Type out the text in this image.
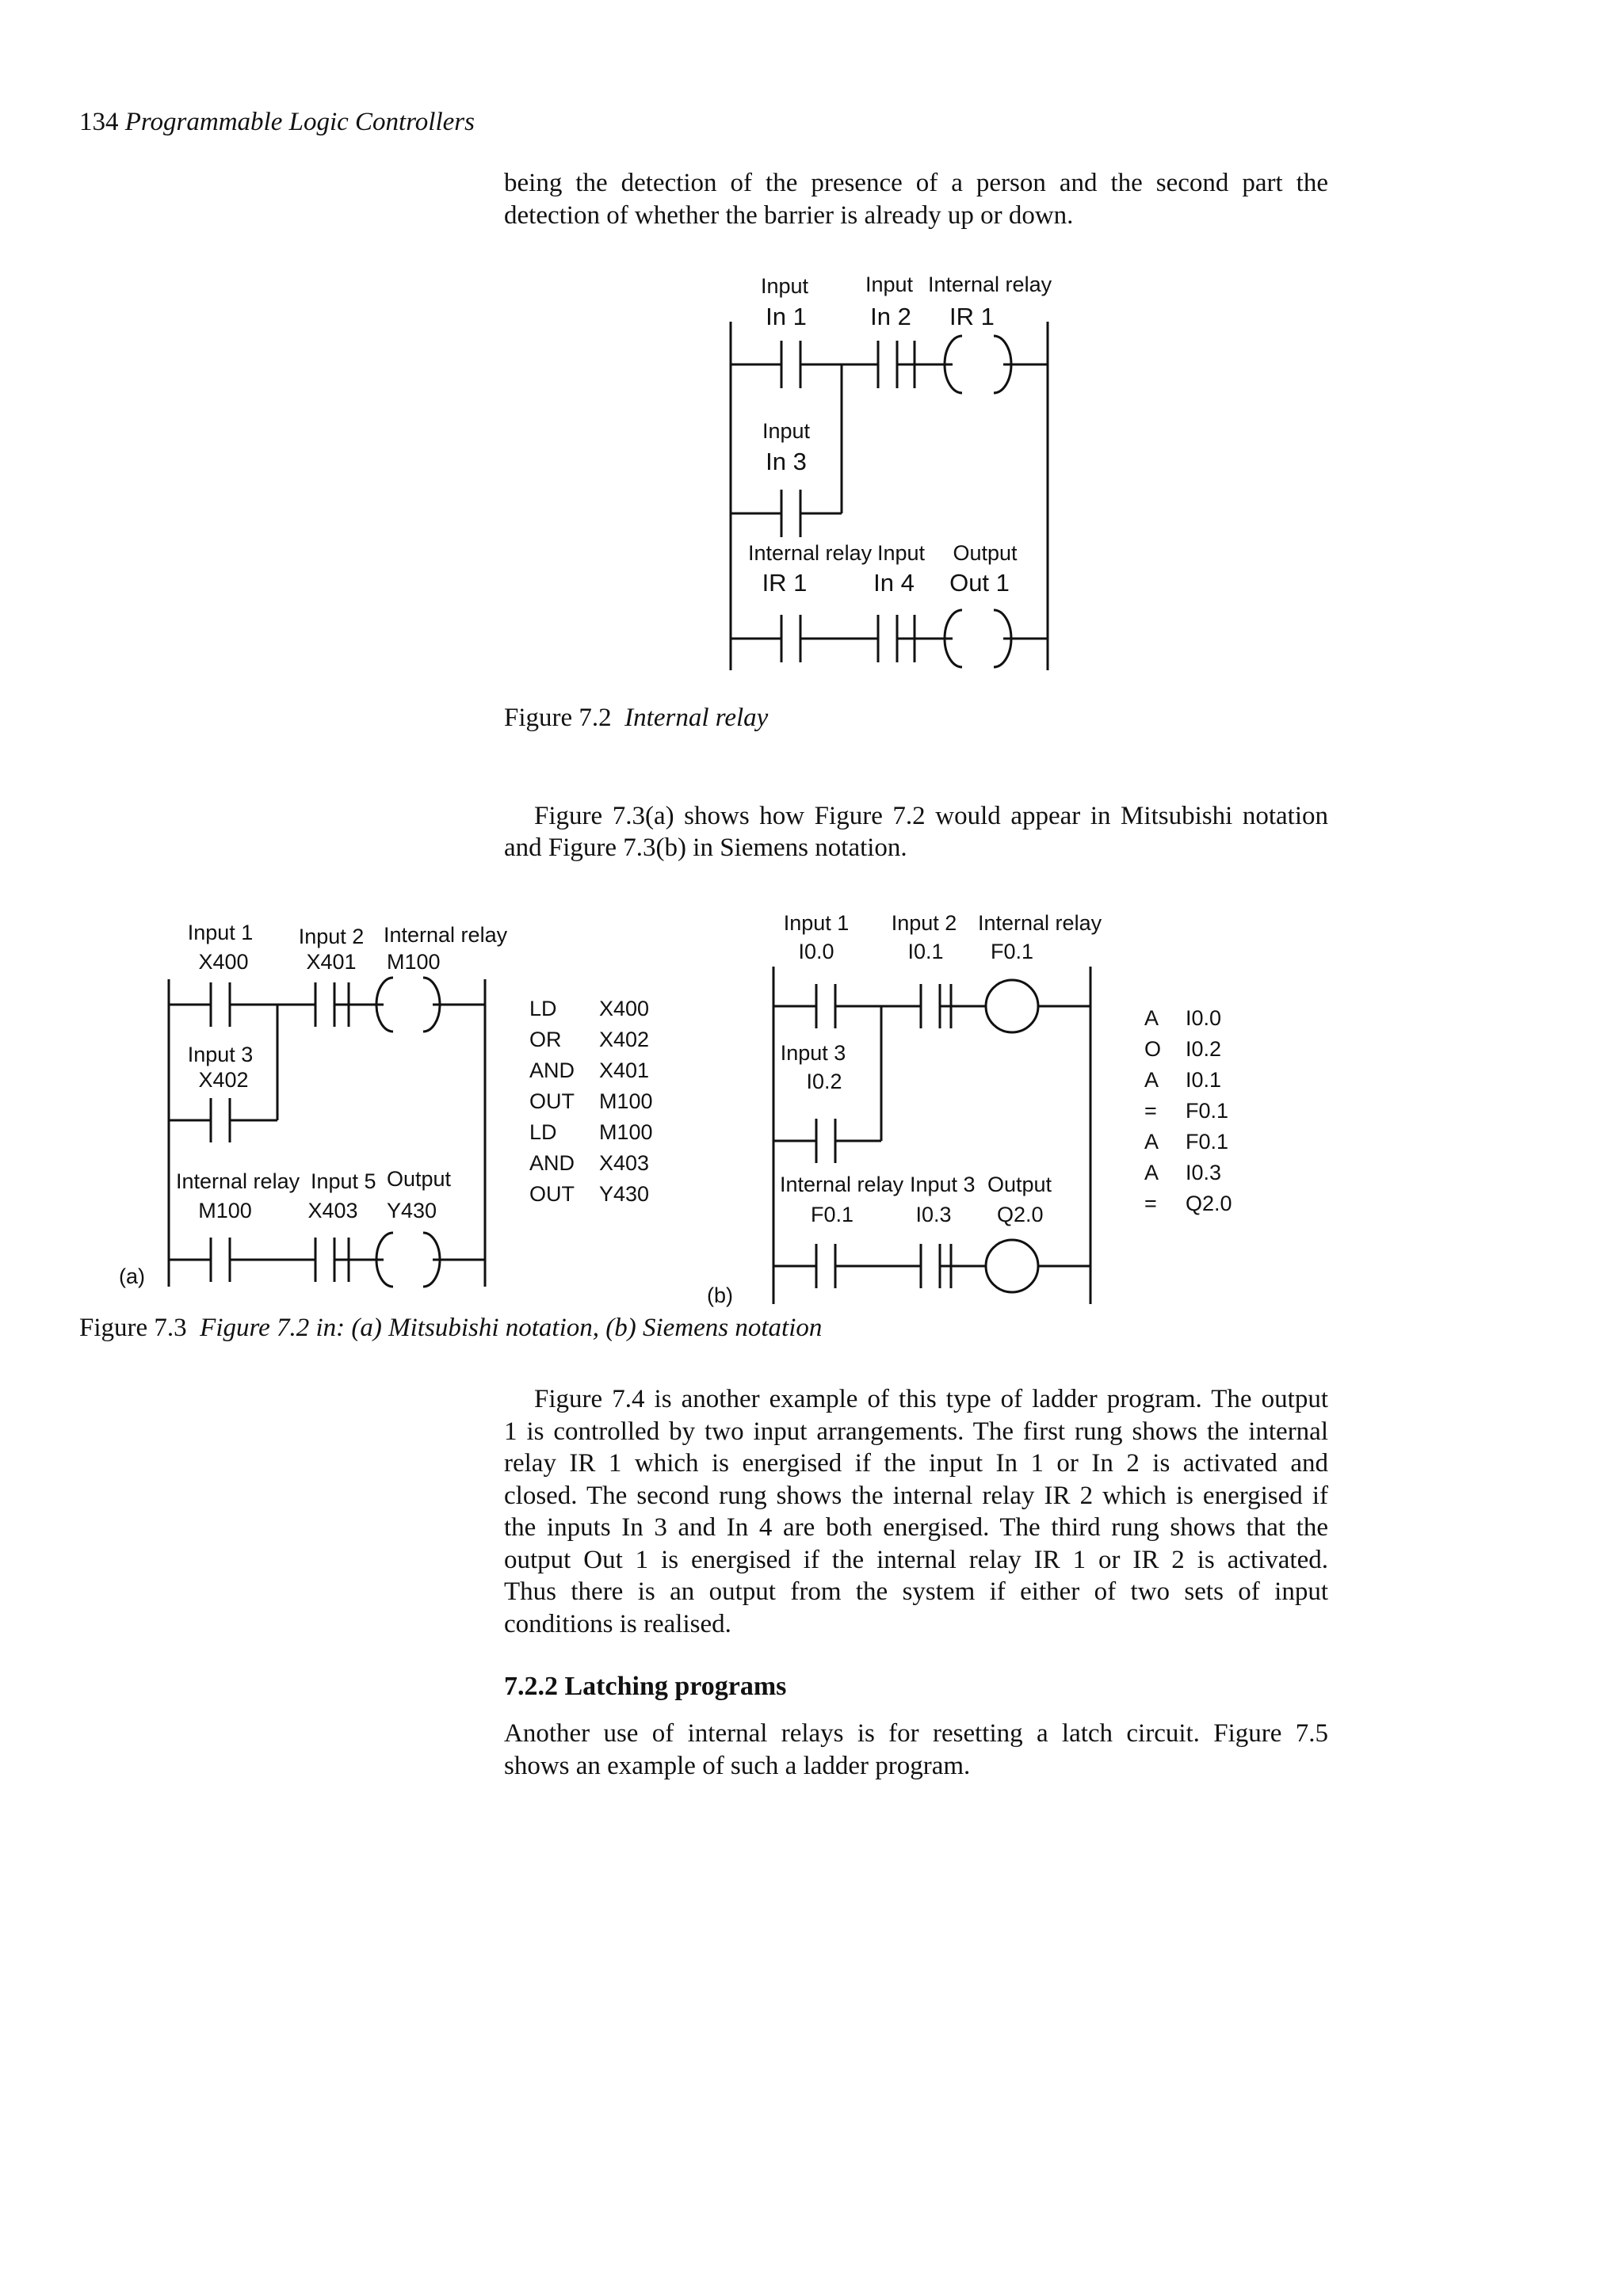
134 Programmable Logic Controllers

being the detection of the presence of a person and the second part the
detection of whether the barrier is already up or down.

Input
In 1
Input
In 2
Internal relay
IR 1
Input
In 3
Internal relay
IR 1
Input
In 4
Output
Out 1
Figure 7.2 Internal relay

Figure 7.3(a) shows how Figure 7.2 would appear in Mitsubishi notation

and Figure 7.3(b) in Siemens notation.

Input 1
X400
Input 2
X401
Internal relay
M100
Input 3
X402
Internal relay
M100
Input 5
X403
Output
Y430
(a)
LD X400
OR X402
AND X401
OUT M100
LD M100
AND X403
OUT Y430
Input 1
I0.0
Input 2
I0.1
Internal relay
F0.1
Input 3
I0.2
Internal relay
F0.1
Input 3
I0.3
Output
Q2.0
(b)
A I0.0
O I0.2
A I0.1
= F0.1
A F0.1
A I0.3
= Q2.0
Figure 7.3 Figure 7.2 in: (a) Mitsubishi notation, (b) Siemens notation

Figure 7.4 is another example of this type of ladder program. The output
1 is controlled by two input arrangements. The first rung shows the internal
relay IR 1 which is energised if the input In 1 or In 2 is activated and
closed. The second rung shows the internal relay IR 2 which is energised if
the inputs In 3 and In 4 are both energised. The third rung shows that the
output Out 1 is energised if the internal relay IR 1 or IR 2 is activated.
Thus there is an output from the system if either of two sets of input
conditions is realised.

7.2.2 Latching programs

Another use of internal relays is for resetting a latch circuit. Figure 7.5
shows an example of such a ladder program.
